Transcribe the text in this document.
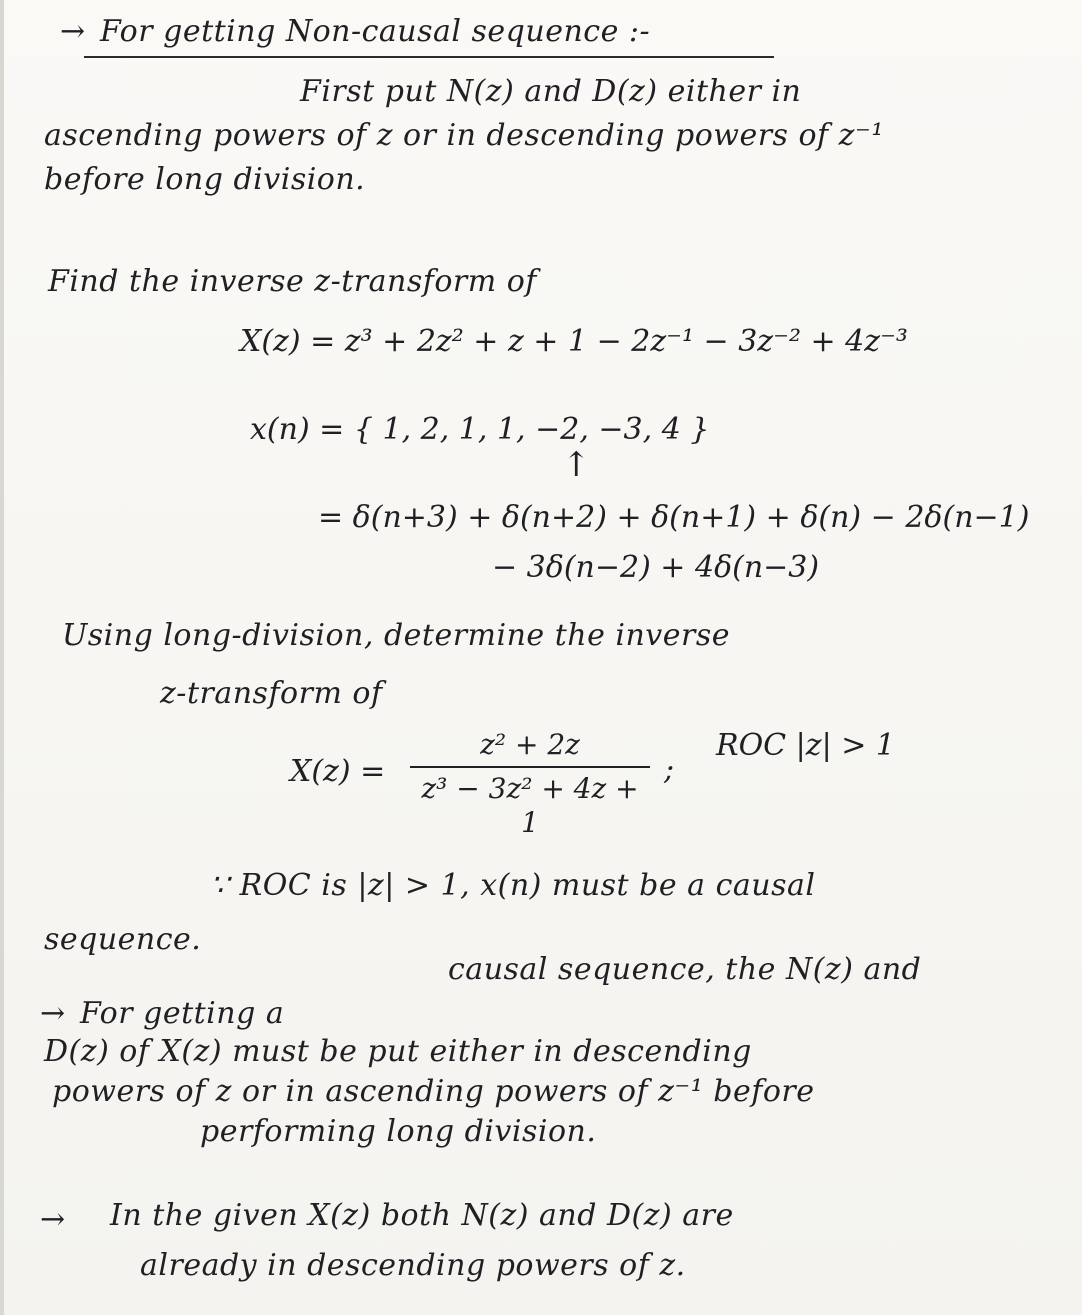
→ For getting Non-causal sequence :-
First put N(z) and D(z) either in
ascending powers of z or in descending powers of z⁻¹
before long division.
Find the inverse z-transform of
X(z) = z³ + 2z² + z + 1 − 2z⁻¹ − 3z⁻² + 4z⁻³
x(n) = { 1, 2, 1, 1, −2, −3, 4 }
↑
= δ(n+3) + δ(n+2) + δ(n+1) + δ(n) − 2δ(n−1)
− 3δ(n−2) + 4δ(n−3)
Using long-division, determine the inverse
z-transform of
X(z) =
z² + 2z
z³ − 3z² + 4z + 1
;
ROC |z| > 1
∵ ROC is |z| > 1, x(n) must be a causal
sequence.
causal sequence, the N(z) and
→ For getting a
D(z) of X(z) must be put either in descending
powers of z or in ascending powers of z⁻¹ before
performing long division.
→ In the given X(z) both N(z) and D(z) are
already in descending powers of z.
